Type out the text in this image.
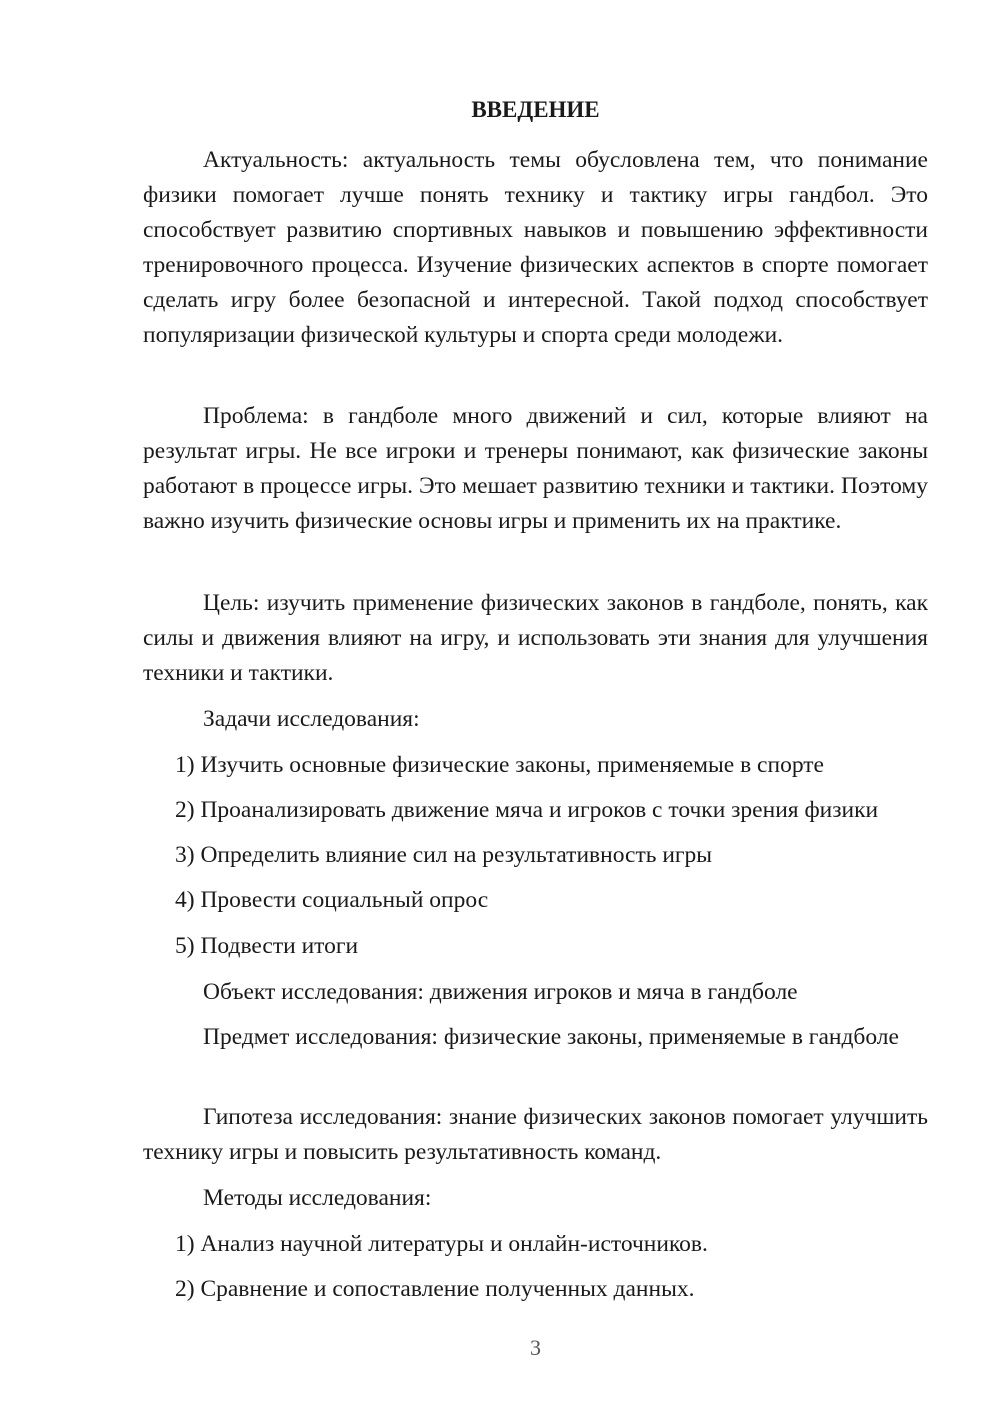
ВВЕДЕНИЕ

Актуальность: актуальность темы обусловлена тем, что понимание физики помогает лучше понять технику и тактику игры гандбол. Это способствует развитию спортивных навыков и повышению эффективности тренировочного процесса. Изучение физических аспектов в спорте помогает сделать игру более безопасной и интересной. Такой подход способствует популяризации физической культуры и спорта среди молодежи.

Проблема: в гандболе много движений и сил, которые влияют на результат игры. Не все игроки и тренеры понимают, как физические законы работают в процессе игры. Это мешает развитию техники и тактики. Поэтому важно изучить физические основы игры и применить их на практике.

Цель: изучить применение физических законов в гандболе, понять, как силы и движения влияют на игру, и использовать эти знания для улучшения техники и тактики.

Задачи исследования:

1) Изучить основные физические законы, применяемые в спорте

2) Проанализировать движение мяча и игроков с точки зрения физики

3) Определить влияние сил на результативность игры

4) Провести социальный опрос

5) Подвести итоги

Объект исследования: движения игроков и мяча в гандболе

Предмет исследования: физические законы, применяемые в гандболе

Гипотеза исследования: знание физических законов помогает улучшить технику игры и повысить результативность команд.

Методы исследования:

1) Анализ научной литературы и онлайн-источников.

2) Сравнение и сопоставление полученных данных.

3
